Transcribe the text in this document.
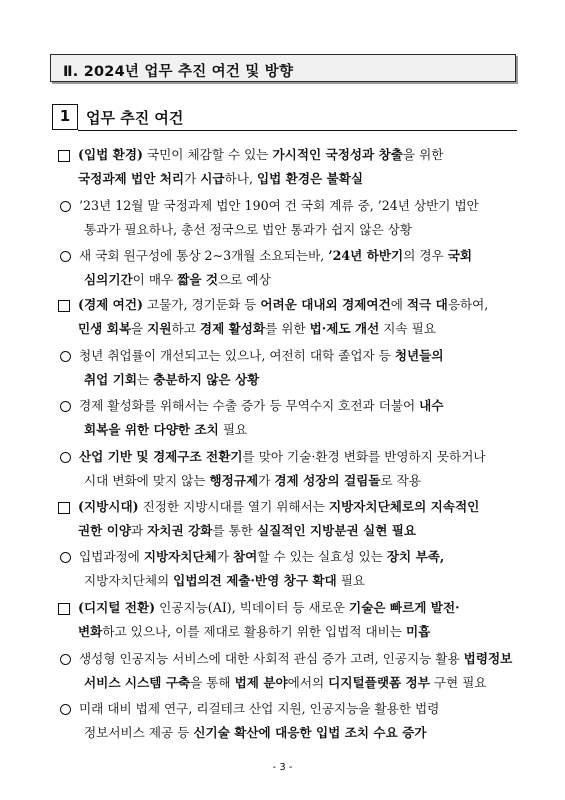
Ⅱ. 2024년 업무 추진 여건 및 방향
1	업무 추진 여건
(입법 환경) 국민이 체감할 수 있는 가시적인 국정성과 창출을 위한
국정과제 법안 처리가 시급하나, 입법 환경은 불확실
’23년 12월 말 국정과제 법안 190여 건 국회 계류 중, ’24년 상반기 법안
통과가 필요하나, 총선 정국으로 법안 통과가 쉽지 않은 상황
새 국회 원구성에 통상 2∼3개월 소요되는바, ’24년 하반기의 경우 국회
심의기간이 매우 짧을 것으로 예상
(경제 여건) 고물가, 경기둔화 등 어려운 대내외 경제여건에 적극 대응하여,
민생 회복을 지원하고 경제 활성화를 위한 법·제도 개선 지속 필요
청년 취업률이 개선되고는 있으나, 여전히 대학 졸업자 등 청년들의
취업 기회는 충분하지 않은 상황
경제 활성화를 위해서는 수출 증가 등 무역수지 호전과 더불어 내수
회복을 위한 다양한 조치 필요
산업 기반 및 경제구조 전환기를 맞아 기술·환경 변화를 반영하지 못하거나
시대 변화에 맞지 않는 행정규제가 경제 성장의 걸림돌로 작용
(지방시대) 진정한 지방시대를 열기 위해서는 지방자치단체로의 지속적인
권한 이양과 자치권 강화를 통한 실질적인 지방분권 실현 필요
입법과정에 지방자치단체가 참여할 수 있는 실효성 있는 장치 부족,
지방자치단체의 입법의견 제출·반영 창구 확대 필요
(디지털 전환) 인공지능(AI), 빅데이터 등 새로운 기술은 빠르게 발전·
변화하고 있으나, 이를 제대로 활용하기 위한 입법적 대비는 미흡
생성형 인공지능 서비스에 대한 사회적 관심 증가 고려, 인공지능 활용 법령정보
서비스 시스템 구축을 통해 법제 분야에서의 디지털플랫폼 정부 구현 필요
미래 대비 법제 연구, 리걸테크 산업 지원, 인공지능을 활용한 법령
정보서비스 제공 등 신기술 확산에 대응한 입법 조치 수요 증가
- 3 -
